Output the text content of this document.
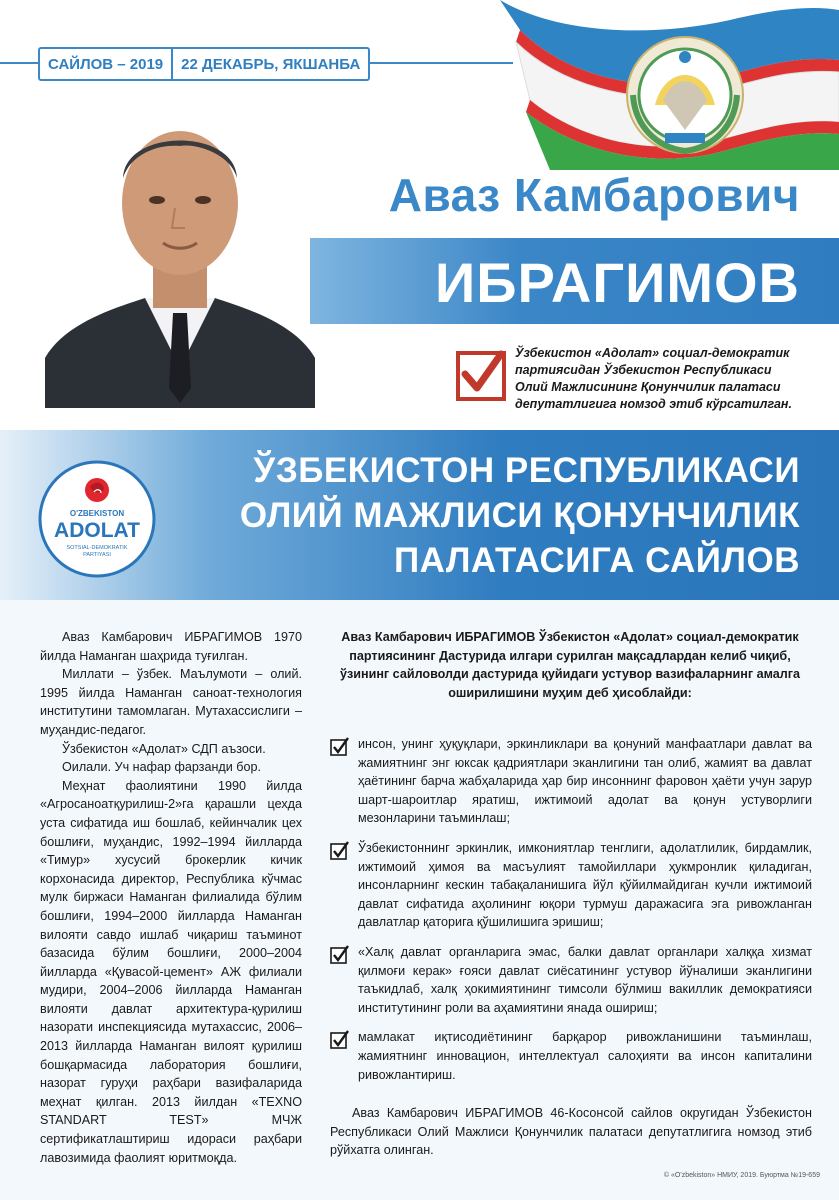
САЙЛОВ – 2019	22 ДЕКАБРЬ, ЯКШАНБА
Аваз Камбарович
ИБРАГИМОВ
Ўзбекистон «Адолат» социал-демократик партиясидан Ўзбекистон Республикаси Олий Мажлисининг Қонунчилик палатаси депутатлигига номзод этиб кўрсатилган.
ЎЗБЕКИСТОН РЕСПУБЛИКАСИ
ОЛИЙ МАЖЛИСИ ҚОНУНЧИЛИК
ПАЛАТАСИГА САЙЛОВ
O'ZBEKISTON
ADOLAT
SOTSIAL-DEMOKRATIK
PARTIYASI

Аваз Камбарович ИБРАГИМОВ 1970 йилда Наманган шаҳрида туғилган.

Миллати – ўзбек. Маълумоти – олий. 1995 йилда Наманган саноат-технология институтини тамомлаган. Мутахассислиги – муҳандис-педагог.

Ўзбекистон «Адолат» СДП аъзоси.

Оилали. Уч нафар фарзанди бор.

Меҳнат фаолиятини 1990 йилда «Агросаноатқурилиш-2»га қарашли цехда уста сифатида иш бошлаб, кейинчалик цех бошлиғи, муҳандис, 1992–1994 йилларда «Тимур» хусусий брокерлик кичик корхонасида директор, Республика кўчмас мулк биржаси Наманган филиалида бўлим бошлиғи, 1994–2000 йилларда Наманган вилояти савдо ишлаб чиқариш таъминот базасида бўлим бошлиғи, 2000–2004 йилларда «Қувасой-цемент» АЖ филиали мудири, 2004–2006 йилларда Наманган вилояти давлат архитектура-қурилиш назорати инспекциясида мутахассис, 2006–2013 йилларда Наманган вилоят қурилиш бошқармасида лаборатория бошлиғи, назорат гуруҳи раҳбари вазифаларида меҳнат қилган. 2013 йилдан «TEXNO STANDART TEST» МЧЖ сертификатлаштириш идораси раҳбари лавозимида фаолият юритмоқда.

Аваз Камбарович ИБРАГИМОВ Ўзбекистон «Адолат» социал-демократик партиясининг Дастурида илгари сурилган мақсадлардан келиб чиқиб, ўзининг сайловолди дастурида қуйидаги устувор вазифаларнинг амалга оширилишини муҳим деб ҳисоблайди:
инсон, унинг ҳуқуқлари, эркинликлари ва қонуний манфаатлари давлат ва жамиятнинг энг юксак қадриятлари эканлигини тан олиб, жамият ва давлат ҳаётининг барча жабҳаларида ҳар бир инсоннинг фаровон ҳаёти учун зарур шарт-шароитлар яратиш, ижтимоий адолат ва қонун устуворлиги мезонларини таъминлаш;
Ўзбекистоннинг эркинлик, имкониятлар тенглиги, адолатлилик, бирдамлик, ижтимоий ҳимоя ва масъулият тамойиллари ҳукмронлик қиладиган, инсонларнинг кескин табақаланишига йўл қўйилмайдиган кучли ижтимоий давлат сифатида аҳолининг юқори турмуш даражасига эга ривожланган давлатлар қаторига қўшилишига эришиш;
«Халқ давлат органларига эмас, балки давлат органлари халққа хизмат қилмоғи керак» ғояси давлат сиёсатининг устувор йўналиши эканлигини таъкидлаб, халқ ҳокимиятининг тимсоли бўлмиш вакиллик демократияси институтининг роли ва аҳамиятини янада ошириш;
мамлакат иқтисодиётининг барқарор ривожланишини таъминлаш, жамиятнинг инновацион, интеллектуал салоҳияти ва инсон капиталини ривожлантириш.
Аваз Камбарович ИБРАГИМОВ 46-Косонсой сайлов округидан Ўзбекистон Республикаси Олий Мажлиси Қонунчилик палатаси депутатлигига номзод этиб рўйхатга олинган.
© «O'zbekiston» НМИУ, 2019. Буюртма №19-659
